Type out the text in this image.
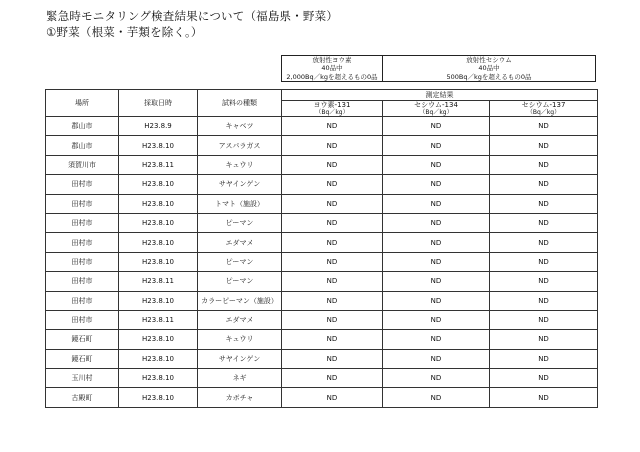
緊急時モニタリング検査結果について（福島県・野菜）
①野菜（根菜・芋類を除く。）
放射性ヨウ素
40品中
2,000Bq／kgを超えるもの0品
放射性セシウム
40品中
500Bq／kgを超えるもの0品
場所	採取日時	試料の種類	測定結果		
			ヨウ素-131
（Bq／kg）	セシウム-134
（Bq／kg）	セシウム-137
（Bq／kg）

郡山市	H23.8.9	キャベツ	ND	ND	ND
郡山市	H23.8.10	アスパラガス	ND	ND	ND
須賀川市	H23.8.11	キュウリ	ND	ND	ND
田村市	H23.8.10	サヤインゲン	ND	ND	ND
田村市	H23.8.10	トマト（施設）	ND	ND	ND
田村市	H23.8.10	ピーマン	ND	ND	ND
田村市	H23.8.10	エダマメ	ND	ND	ND
田村市	H23.8.10	ピーマン	ND	ND	ND
田村市	H23.8.11	ピーマン	ND	ND	ND
田村市	H23.8.10	カラーピーマン（施設）	ND	ND	ND
田村市	H23.8.11	エダマメ	ND	ND	ND
鏡石町	H23.8.10	キュウリ	ND	ND	ND
鏡石町	H23.8.10	サヤインゲン	ND	ND	ND
玉川村	H23.8.10	ネギ	ND	ND	ND
古殿町	H23.8.10	カボチャ	ND	ND	ND
